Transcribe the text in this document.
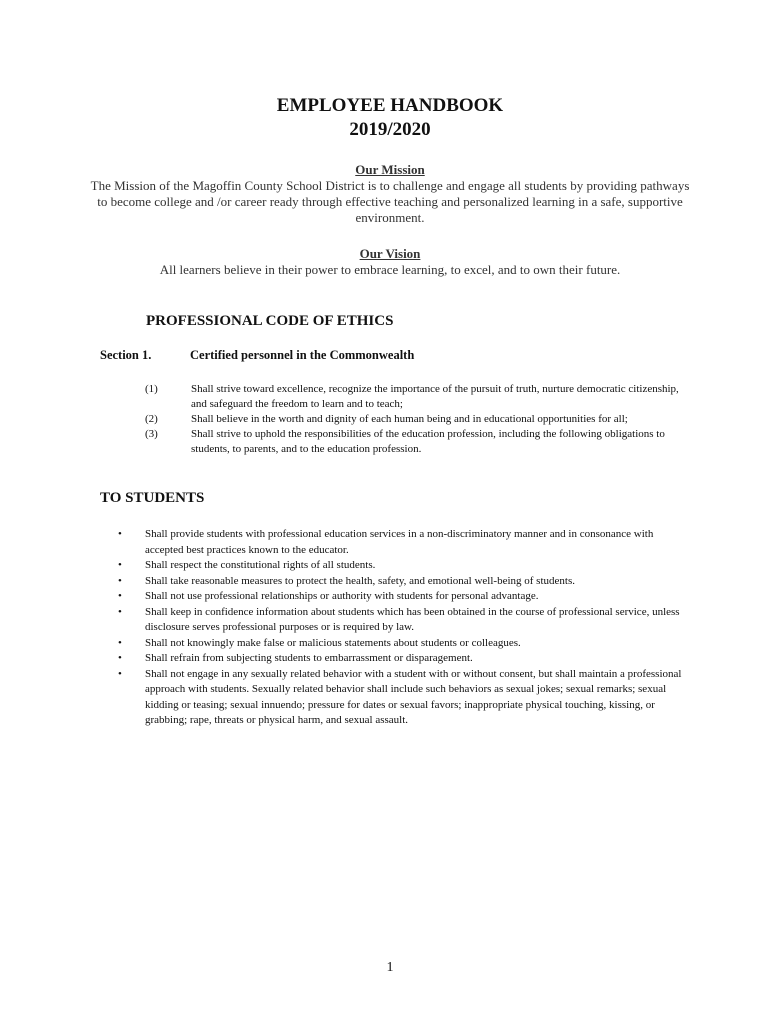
EMPLOYEE HANDBOOK
2019/2020
Our Mission
The Mission of the Magoffin County School District is to challenge and engage all students by providing pathways to become college and /or career ready through effective teaching and personalized learning in a safe, supportive environment.
Our Vision
All learners believe in their power to embrace learning, to excel, and to own their future.
PROFESSIONAL CODE OF ETHICS
Section 1.	Certified personnel in the Commonwealth
(1)	Shall strive toward excellence, recognize the importance of the pursuit of truth, nurture democratic citizenship, and safeguard the freedom to learn and to teach;
(2)	Shall believe in the worth and dignity of each human being and in educational opportunities for all;
(3)	Shall strive to uphold the responsibilities of the education profession, including the following obligations to students, to parents, and to the education profession.
TO STUDENTS
•	Shall provide students with professional education services in a non-discriminatory manner and in consonance with accepted best practices known to the educator.
•	Shall respect the constitutional rights of all students.
•	Shall take reasonable measures to protect the health, safety, and emotional well-being of students.
•	Shall not use professional relationships or authority with students for personal advantage.
•	Shall keep in confidence information about students which has been obtained in the course of professional service, unless disclosure serves professional purposes or is required by law.
•	Shall not knowingly make false or malicious statements about students or colleagues.
•	Shall refrain from subjecting students to embarrassment or disparagement.
•	Shall not engage in any sexually related behavior with a student with or without consent, but shall maintain a professional approach with students. Sexually related behavior shall include such behaviors as sexual jokes; sexual remarks; sexual kidding or teasing; sexual innuendo; pressure for dates or sexual favors; inappropriate physical touching, kissing, or grabbing; rape, threats or physical harm, and sexual assault.
1
